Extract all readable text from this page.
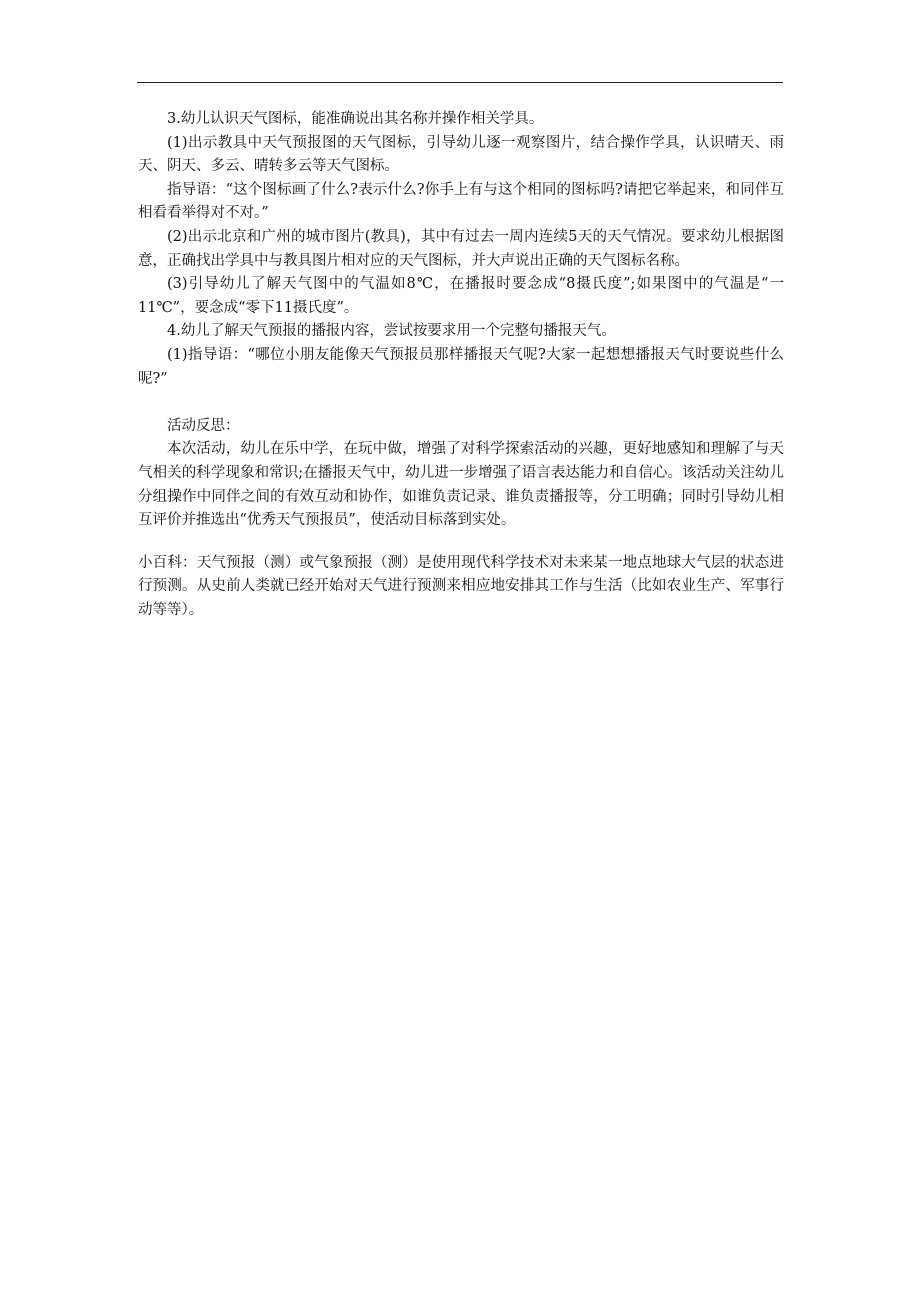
3.幼儿认识天气图标，能准确说出其名称并操作相关学具。

(1)出示教具中天气预报图的天气图标，引导幼儿逐一观察图片，结合操作学具，认识晴天、雨天、阴天、多云、晴转多云等天气图标。

指导语：“这个图标画了什么?表示什么?你手上有与这个相同的图标吗?请把它举起来，和同伴互相看看举得对不对。”

(2)出示北京和广州的城市图片(教具)，其中有过去一周内连续5天的天气情况。要求幼儿根据图意，正确找出学具中与教具图片相对应的天气图标，并大声说出正确的天气图标名称。

(3)引导幼儿了解天气图中的气温如8℃，在播报时要念成“8摄氏度”;如果图中的气温是“一11℃”，要念成“零下11摄氏度”。

4.幼儿了解天气预报的播报内容，尝试按要求用一个完整句播报天气。

(1)指导语：“哪位小朋友能像天气预报员那样播报天气呢?大家一起想想播报天气时要说些什么呢?”

活动反思：

本次活动，幼儿在乐中学，在玩中做，增强了对科学探索活动的兴趣，更好地感知和理解了与天气相关的科学现象和常识;在播报天气中，幼儿进一步增强了语言表达能力和自信心。该活动关注幼儿分组操作中同伴之间的有效互动和协作，如谁负责记录、谁负责播报等，分工明确；同时引导幼儿相互评价并推选出“优秀天气预报员”，使活动目标落到实处。

小百科：天气预报（测）或气象预报（测）是使用现代科学技术对未来某一地点地球大气层的状态进行预测。从史前人类就已经开始对天气进行预测来相应地安排其工作与生活（比如农业生产、军事行动等等）。
